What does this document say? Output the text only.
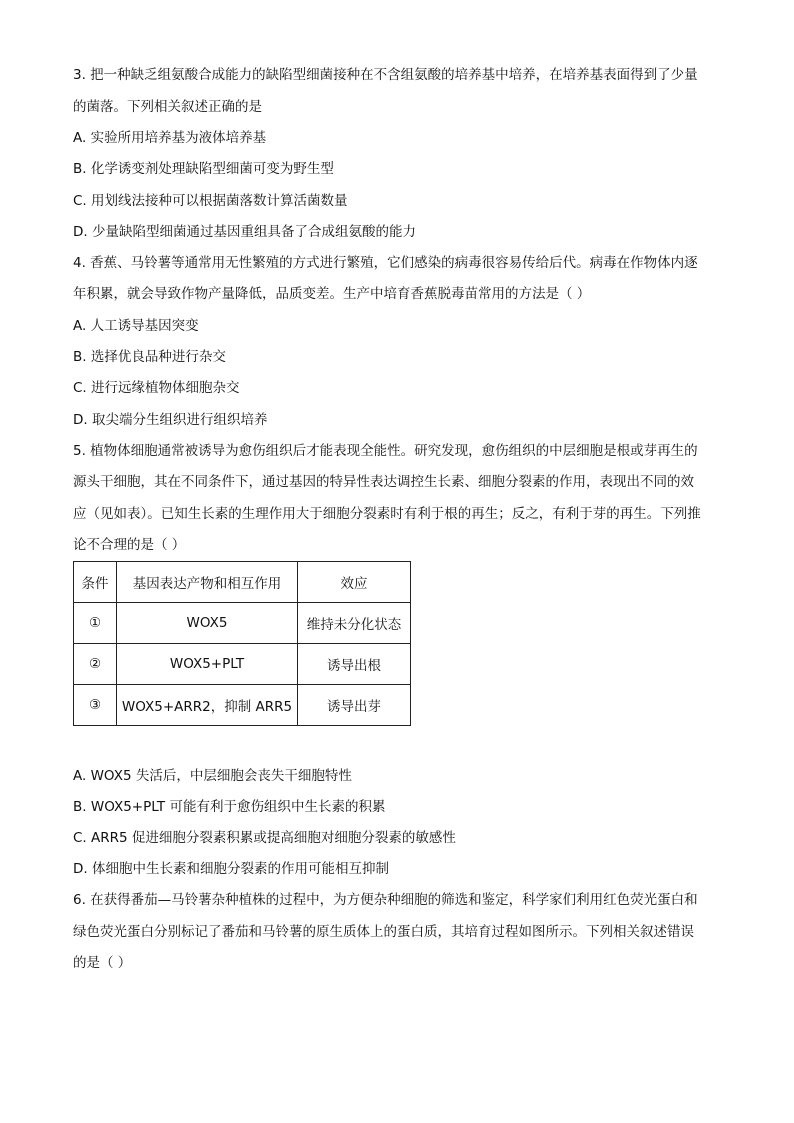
3. 把一种缺乏组氨酸合成能力的缺陷型细菌接种在不含组氨酸的培养基中培养，在培养基表面得到了少量
的菌落。下列相关叙述正确的是
A. 实验所用培养基为液体培养基
B. 化学诱变剂处理缺陷型细菌可变为野生型
C. 用划线法接种可以根据菌落数计算活菌数量
D. 少量缺陷型细菌通过基因重组具备了合成组氨酸的能力
4. 香蕉、马铃薯等通常用无性繁殖的方式进行繁殖，它们感染的病毒很容易传给后代。病毒在作物体内逐
年积累，就会导致作物产量降低，品质变差。生产中培育香蕉脱毒苗常用的方法是（ ）
A. 人工诱导基因突变
B. 选择优良品种进行杂交
C. 进行远缘植物体细胞杂交
D. 取尖端分生组织进行组织培养
5. 植物体细胞通常被诱导为愈伤组织后才能表现全能性。研究发现，愈伤组织的中层细胞是根或芽再生的
源头干细胞，其在不同条件下，通过基因的特异性表达调控生长素、细胞分裂素的作用，表现出不同的效
应（见如表）。已知生长素的生理作用大于细胞分裂素时有利于根的再生；反之，有利于芽的再生。下列推
论不合理的是（ ）
条件	基因表达产物和相互作用	效应
①	WOX5	维持未分化状态
②	WOX5+PLT	诱导出根
③	WOX5+ARR2，抑制 ARR5	诱导出芽
A. WOX5 失活后，中层细胞会丧失干细胞特性
B. WOX5+PLT 可能有利于愈伤组织中生长素的积累
C. ARR5 促进细胞分裂素积累或提高细胞对细胞分裂素的敏感性
D. 体细胞中生长素和细胞分裂素的作用可能相互抑制
6. 在获得番茄—马铃薯杂种植株的过程中，为方便杂种细胞的筛选和鉴定，科学家们利用红色荧光蛋白和
绿色荧光蛋白分别标记了番茄和马铃薯的原生质体上的蛋白质，其培育过程如图所示。下列相关叙述错误
的是（ ）
